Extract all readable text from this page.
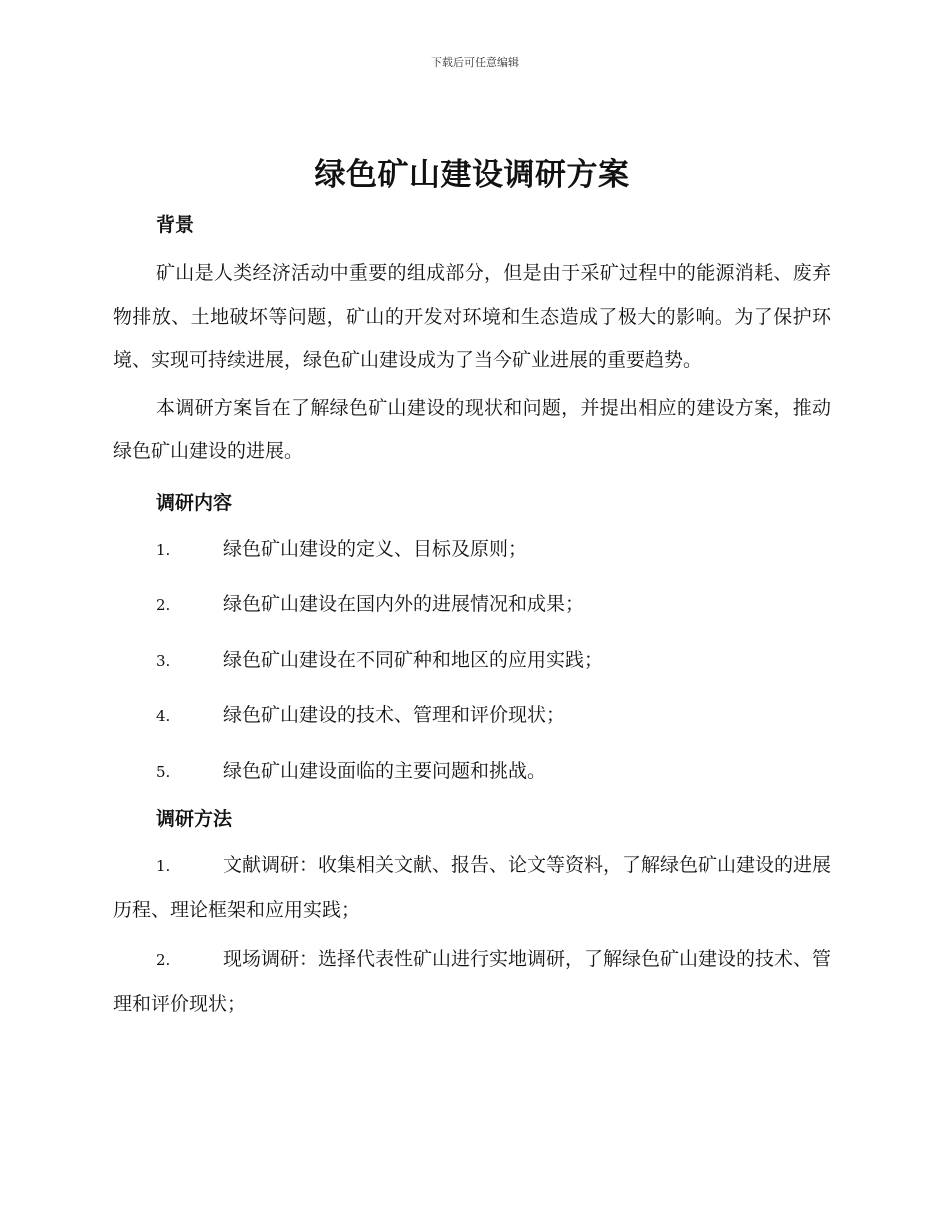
下载后可任意编辑
绿色矿山建设调研方案
背景

矿山是人类经济活动中重要的组成部分，但是由于采矿过程中的能源消耗、废弃物排放、土地破坏等问题，矿山的开发对环境和生态造成了极大的影响。为了保护环境、实现可持续进展，绿色矿山建设成为了当今矿业进展的重要趋势。

本调研方案旨在了解绿色矿山建设的现状和问题，并提出相应的建设方案，推动绿色矿山建设的进展。

调研内容
1.	绿色矿山建设的定义、目标及原则；
2.	绿色矿山建设在国内外的进展情况和成果；
3.	绿色矿山建设在不同矿种和地区的应用实践；
4.	绿色矿山建设的技术、管理和评价现状；
5.	绿色矿山建设面临的主要问题和挑战。
调研方法
1.	文献调研：收集相关文献、报告、论文等资料，了解绿色矿山建设的进展历程、理论框架和应用实践；
2.	现场调研：选择代表性矿山进行实地调研，了解绿色矿山建设的技术、管理和评价现状；
